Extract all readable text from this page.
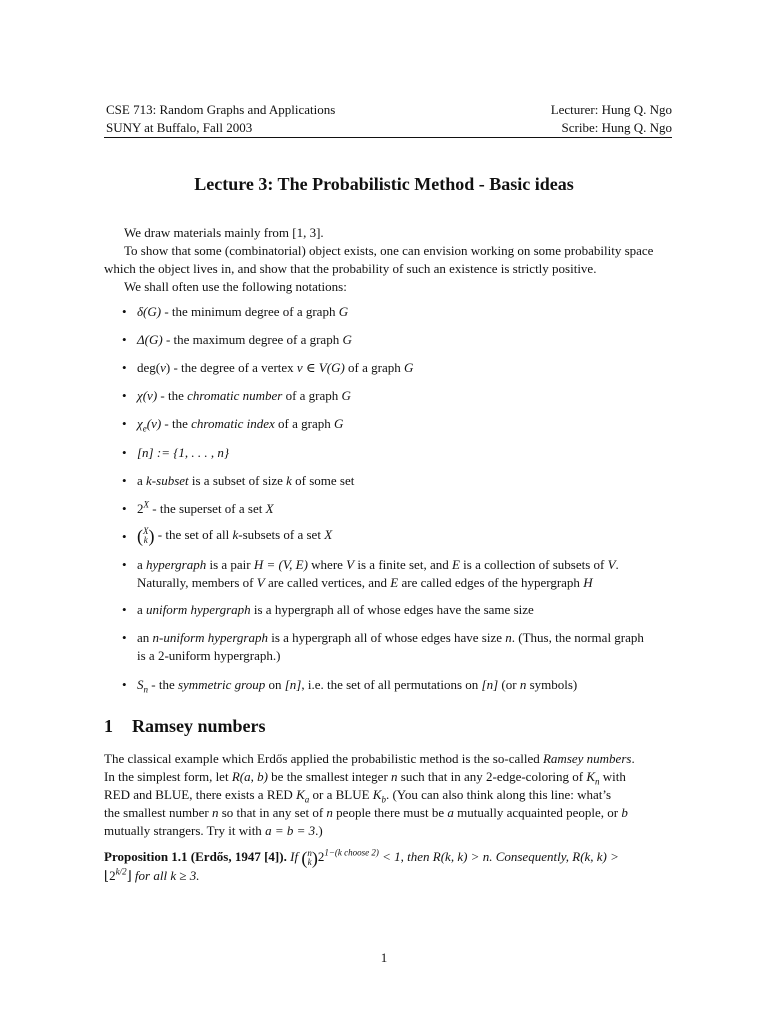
CSE 713: Random Graphs and Applications
SUNY at Buffalo, Fall 2003
Lecturer: Hung Q. Ngo
Scribe: Hung Q. Ngo
Lecture 3: The Probabilistic Method - Basic ideas
We draw materials mainly from [1, 3].
To show that some (combinatorial) object exists, one can envision working on some probability space
which the object lives in, and show that the probability of such an existence is strictly positive.
We shall often use the following notations:
• δ(G) - the minimum degree of a graph G
• Δ(G) - the maximum degree of a graph G
• deg(v) - the degree of a vertex v ∈ V(G) of a graph G
• χ(v) - the chromatic number of a graph G
• $\chi_e(v)$ - the chromatic index of a graph G
• [n] := {1, . . . , n}
• a k-subset is a subset of size k of some set
• $2^X$ - the superset of a set X
• ( X
k ) - the set of all k-subsets of a set X
• a hypergraph is a pair H = (V, E) where V is a finite set, and E is a collection of subsets of V.
Naturally, members of V are called vertices, and E are called edges of the hypergraph H
• a uniform hypergraph is a hypergraph all of whose edges have the same size
• an n-uniform hypergraph is a hypergraph all of whose edges have size n. (Thus, the normal graph
is a 2-uniform hypergraph.)
• $S_n$ - the symmetric group on [n], i.e. the set of all permutations on [n] (or n symbols)
1 Ramsey numbers
The classical example which Erdős applied the probabilistic method is the so-called Ramsey numbers.
In the simplest form, let R(a, b) be the smallest integer n such that in any 2-edge-coloring of $K_n$ with
RED and BLUE, there exists a RED $K_a$ or a BLUE $K_b$. (You can also think along this line: what’s
the smallest number n so that in any set of n people there must be a mutually acquainted people, or b
mutually strangers. Try it with a = b = 3.)
Proposition 1.1 (Erdős, 1947 [4]). If ( n
k ) $2^{1-(k choose 2)} < 1$, then R(k, k) > n. Consequently, R(k, k) >
$⌊2^{k/2}⌋$ for all k ≥ 3.
1
